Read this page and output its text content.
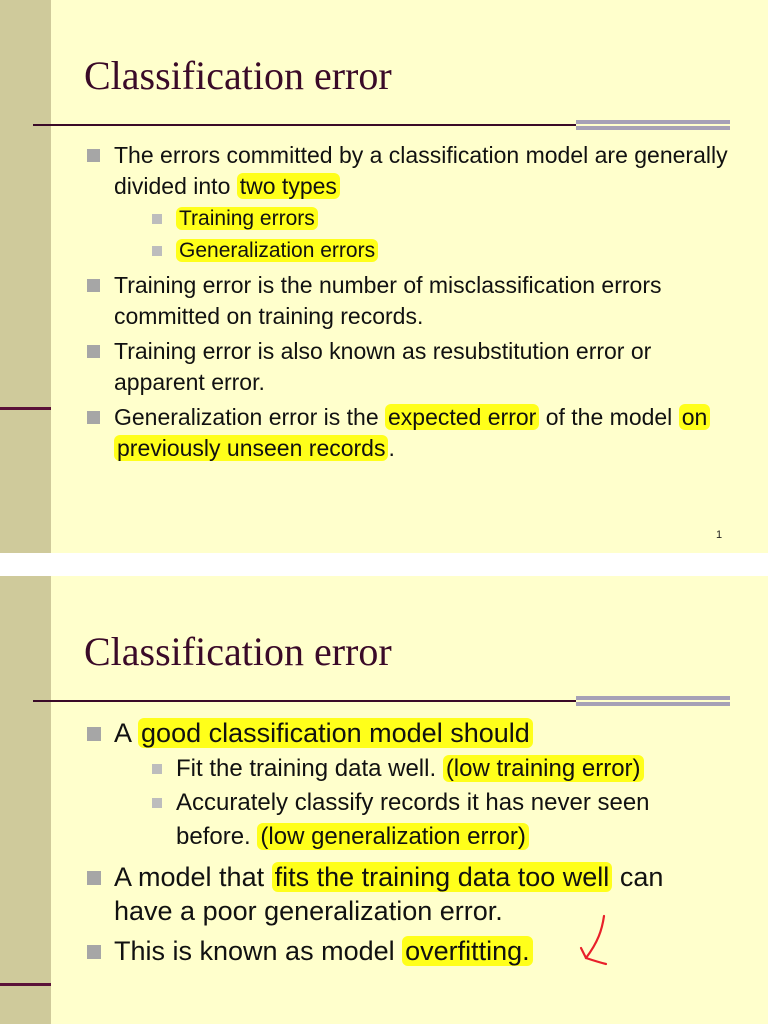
Classification error
The errors committed by a classification model are generally divided into two types
Training errors
Generalization errors
Training error is the number of misclassification errors committed on training records.
Training error is also known as resubstitution error or apparent error.
Generalization error is the expected error of the model on previously unseen records .
1
Classification error
A good classification model should
Fit the training data well. (low training error)
Accurately classify records it has never seen before. (low generalization error)
A model that fits the training data too well can have a poor generalization error.
This is known as model overfitting.
